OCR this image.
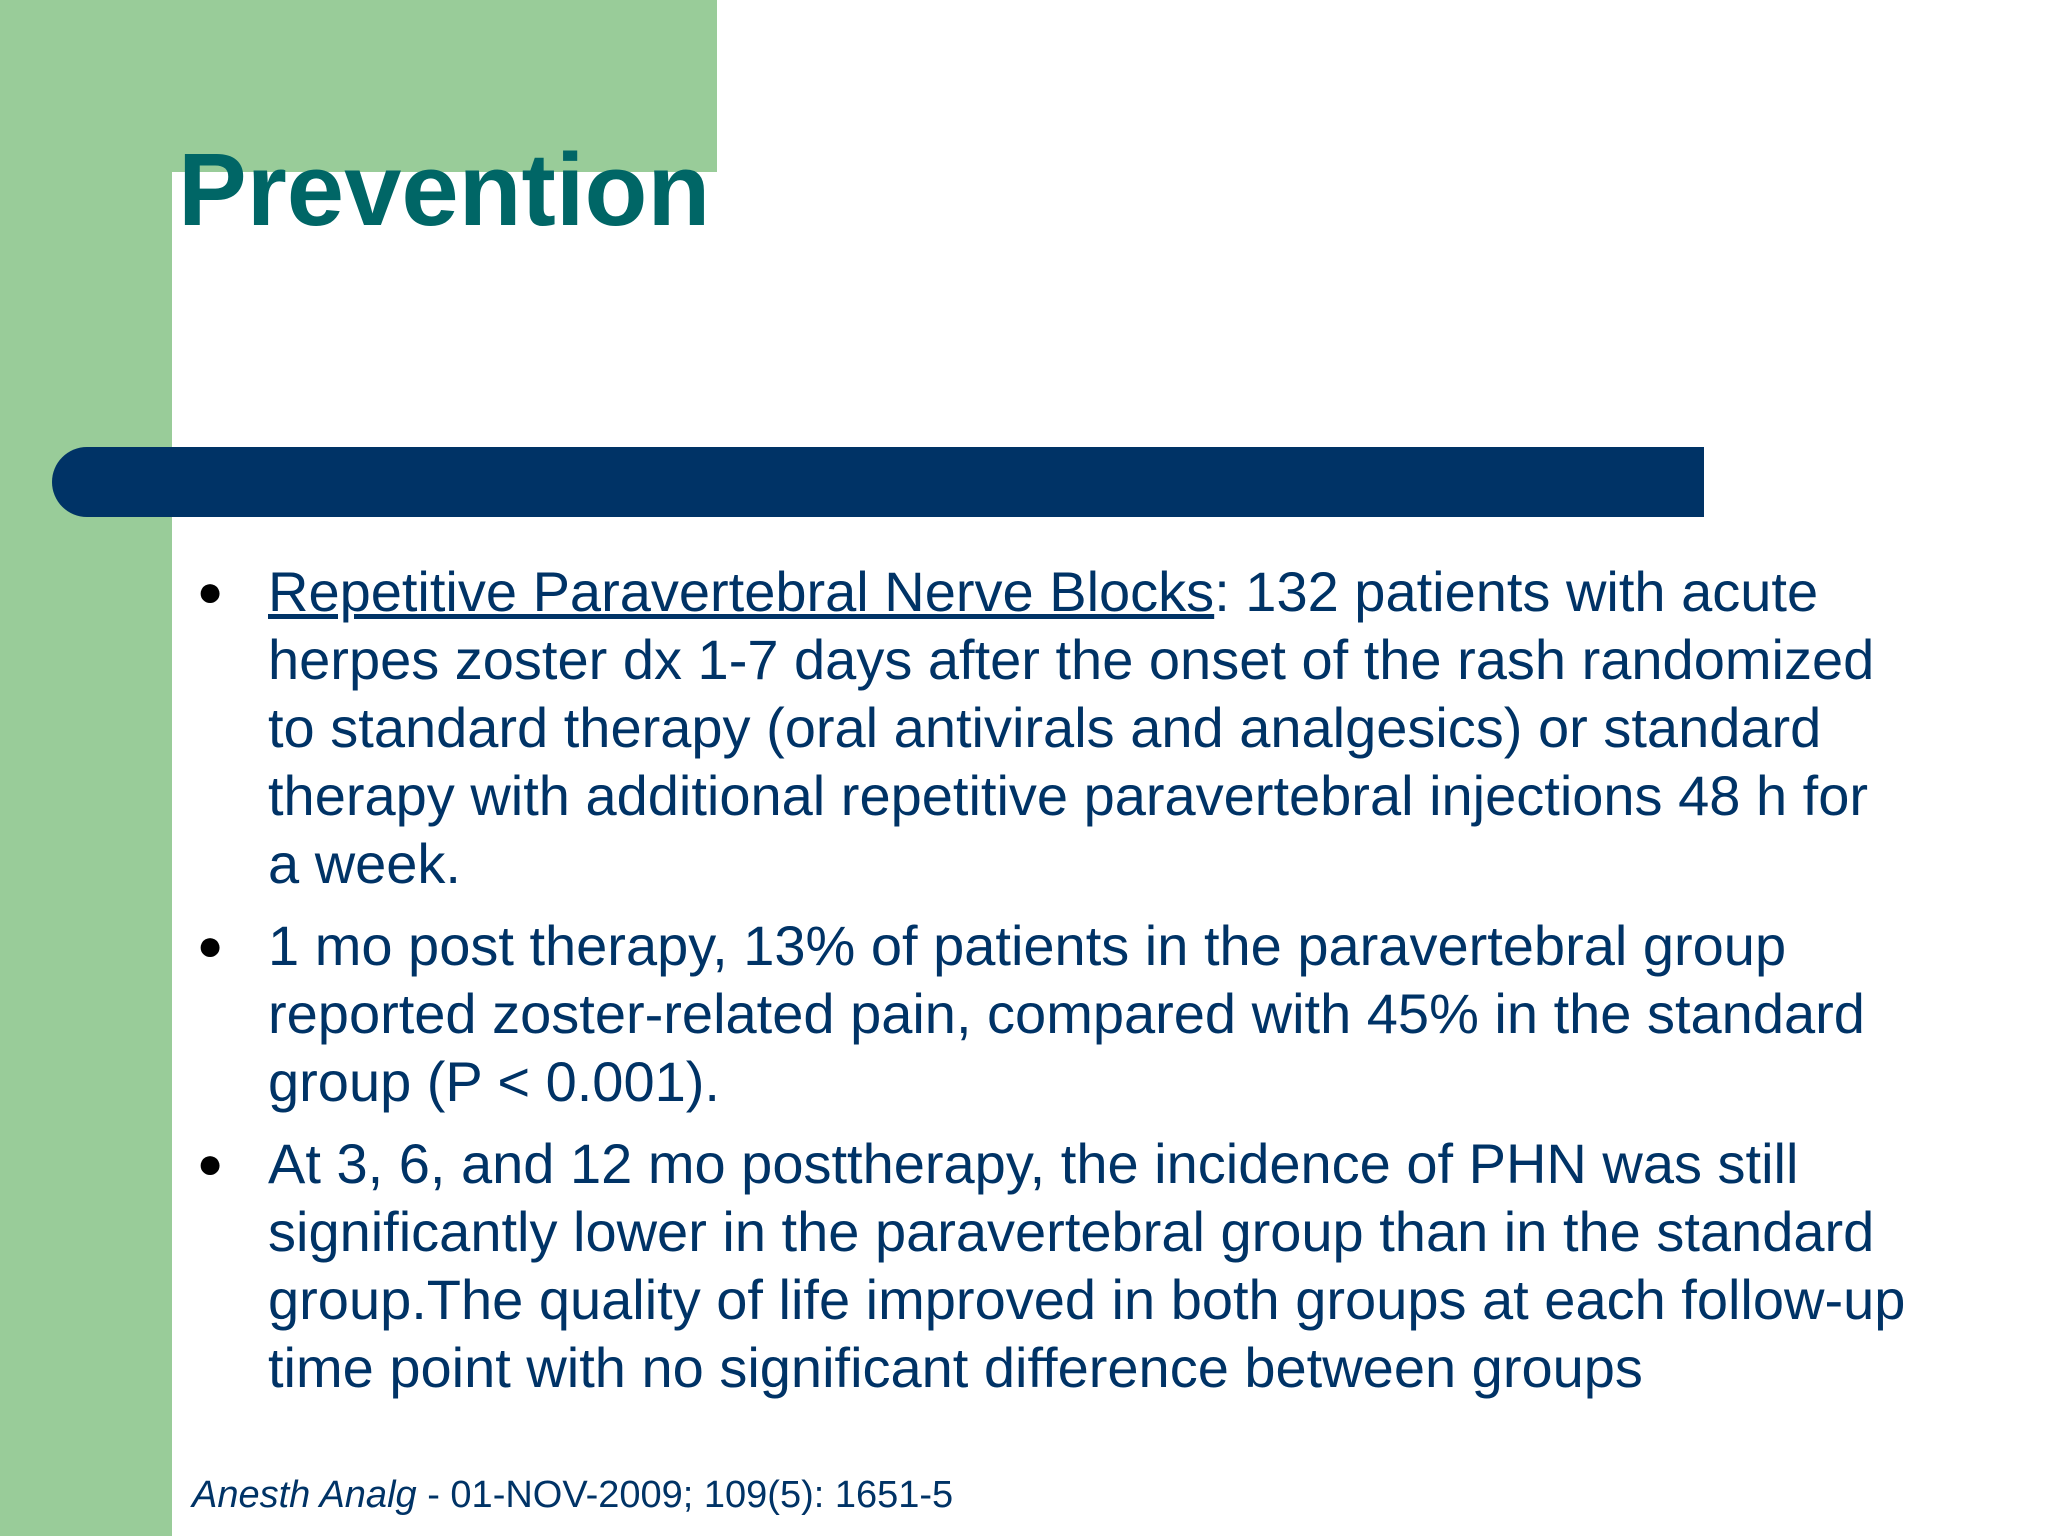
Prevention
● Repetitive Paravertebral Nerve Blocks: 132 patients with acute herpes zoster dx 1-7 days after the onset of the rash randomized to standard therapy (oral antivirals and analgesics) or standard therapy with additional repetitive paravertebral injections 48 h for a week.
● 1 mo post therapy, 13% of patients in the paravertebral group reported zoster-related pain, compared with 45% in the standard group (P < 0.001).
● At 3, 6, and 12 mo posttherapy, the incidence of PHN was still significantly lower in the paravertebral group than in the standard group.The quality of life improved in both groups at each follow-up time point with no significant difference between groups

Anesth Analg - 01-NOV-2009; 109(5): 1651-5
